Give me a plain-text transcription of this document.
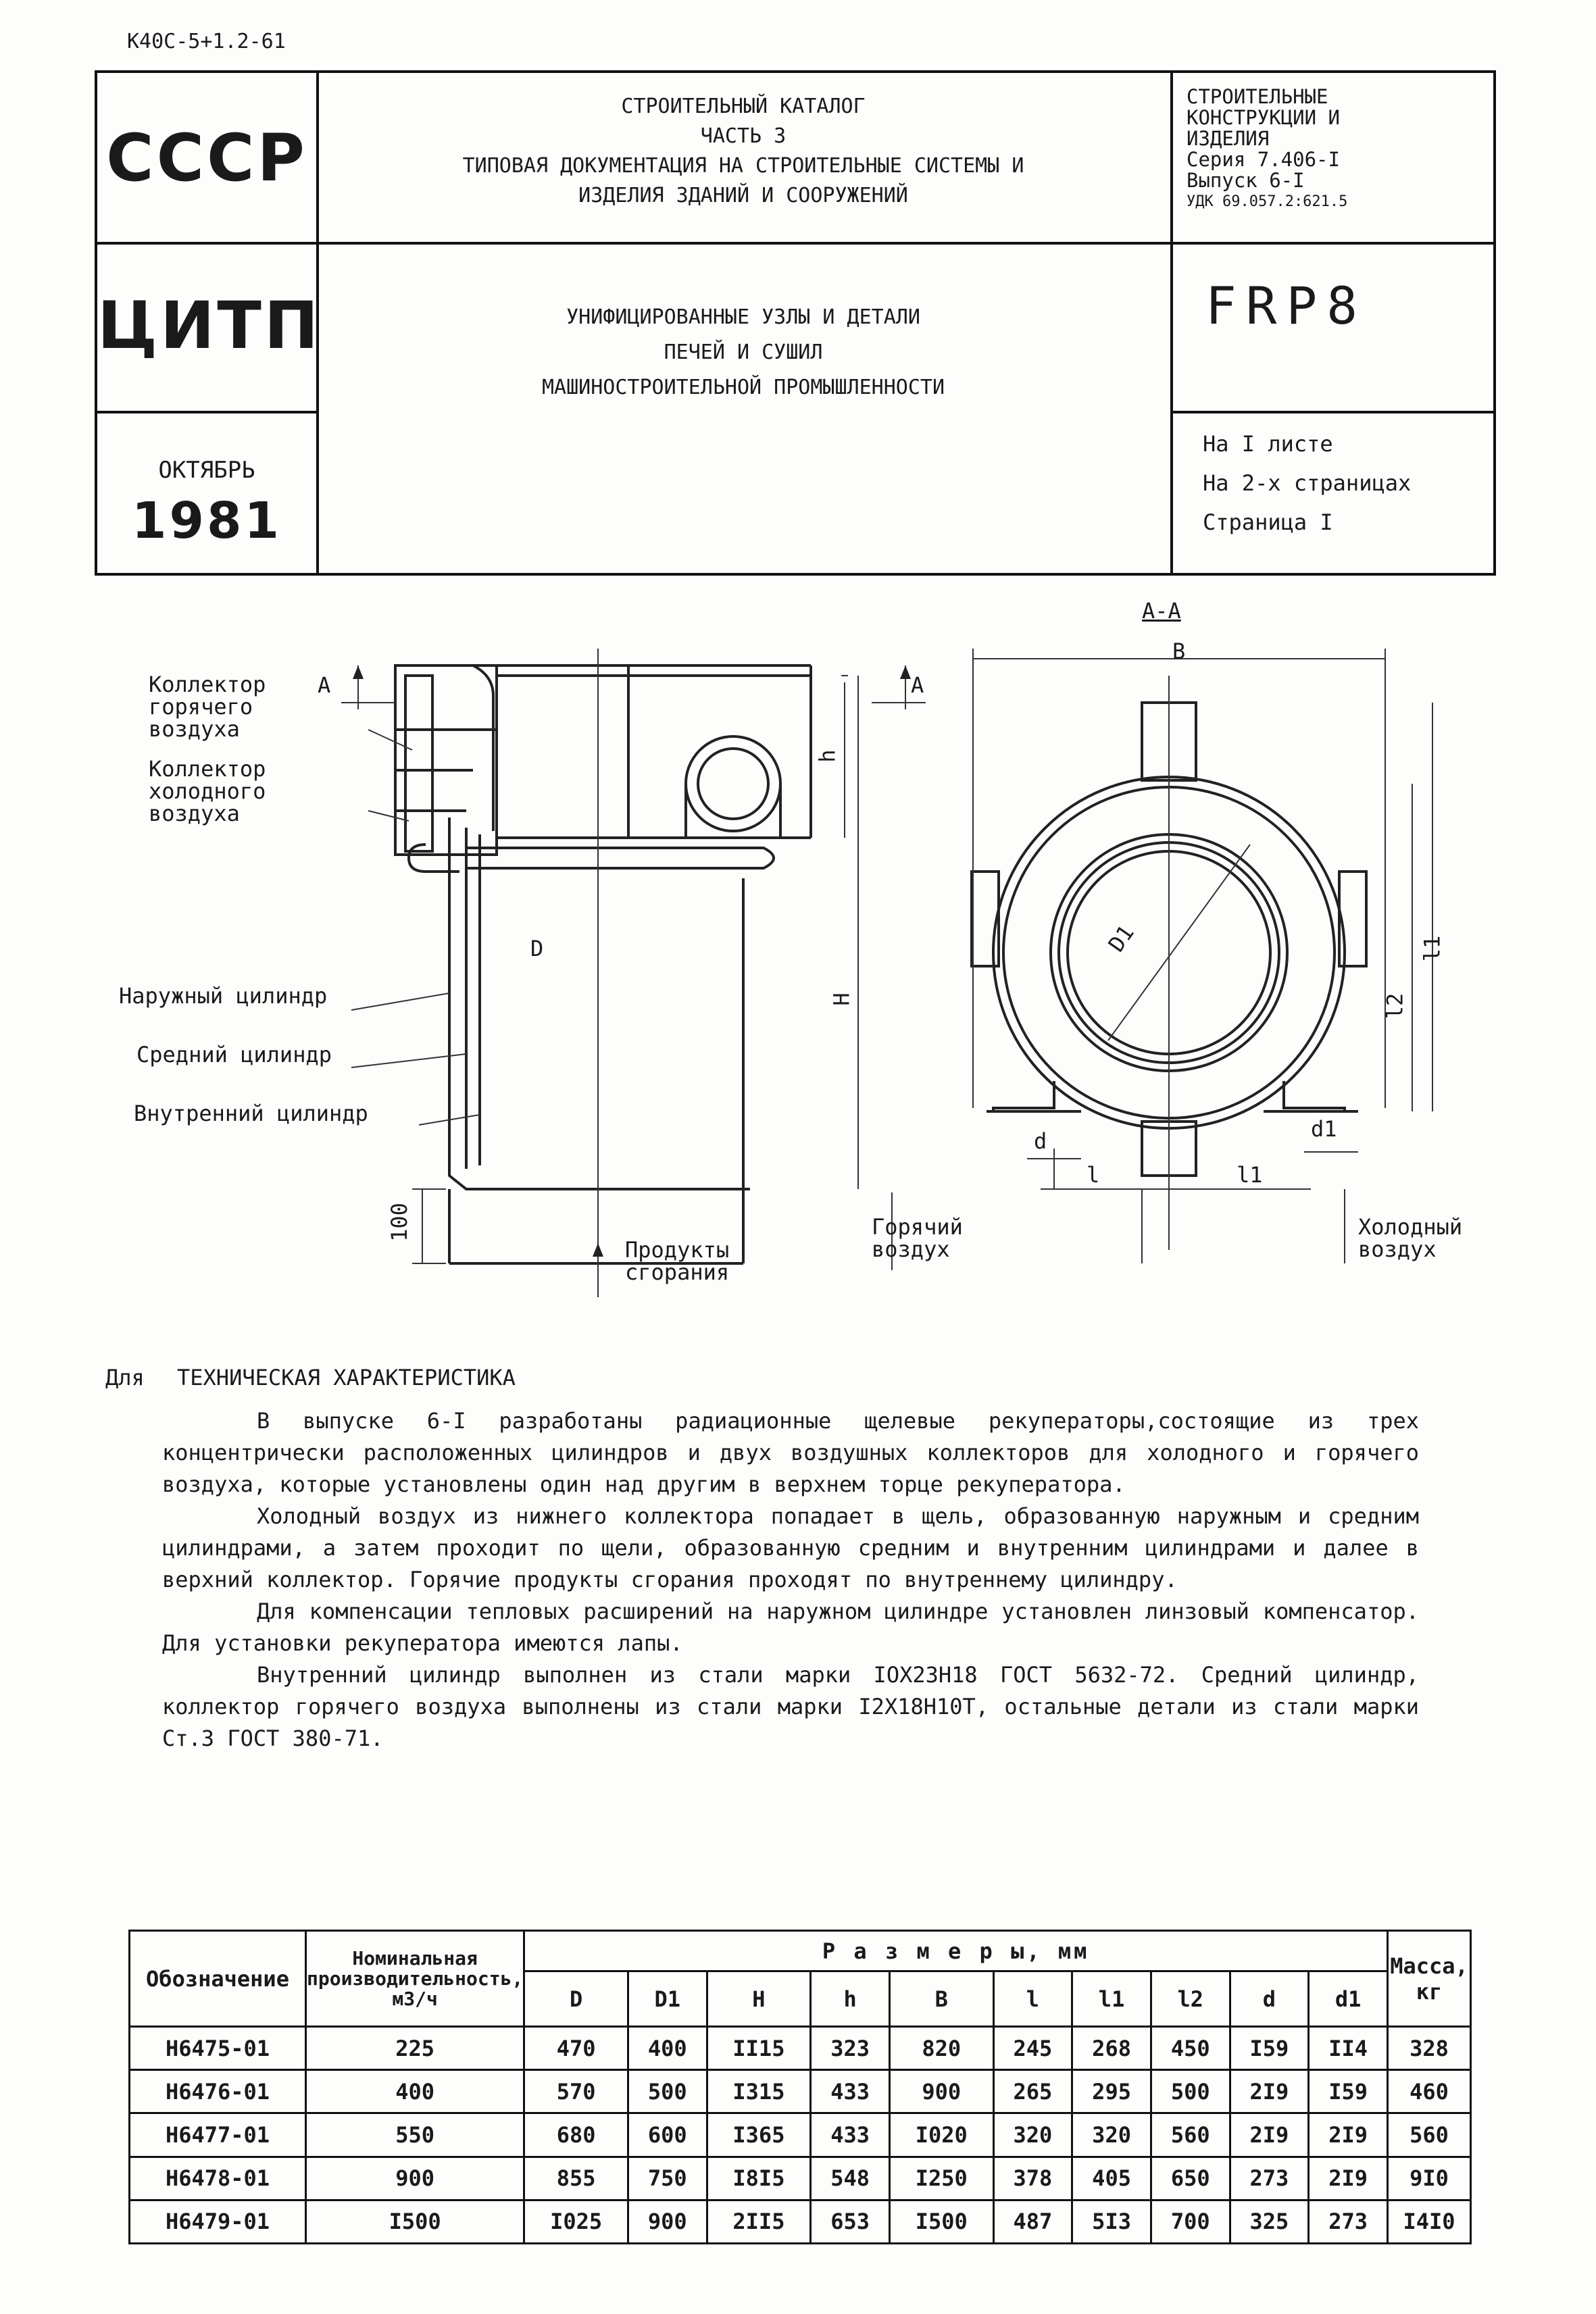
К40С-5+1.2-61
СССР
ЦИТП
ОКТЯБРЬ
1981
СТРОИТЕЛЬНЫЙ КАТАЛОГ
ЧАСТЬ 3
ТИПОВАЯ ДОКУМЕНТАЦИЯ НА СТРОИТЕЛЬНЫЕ СИСТЕМЫ И
ИЗДЕЛИЯ ЗДАНИЙ И СООРУЖЕНИЙ
УНИФИЦИРОВАННЫЕ УЗЛЫ И ДЕТАЛИ
ПЕЧЕЙ И СУШИЛ
МАШИНОСТРОИТЕЛЬНОЙ ПРОМЫШЛЕННОСТИ
СТРОИТЕЛЬНЫЕ
КОНСТРУКЦИИ И
ИЗДЕЛИЯ
Серия 7.406-I
Выпуск 6-I
УДК 69.057.2:621.5
FRP8
На I листе
На 2-х страницах
Страница I
Коллектор
горячего
воздуха
Коллектор
холодного
воздуха
Наружный цилиндр
Средний цилиндр
Внутренний цилиндр
Продукты
сгорания
Горячий
воздух
Холодный
воздух
А-А
А	А
В
D
H
h
D1	l1
l2
l
d	d1
l1
100
Для ТЕХНИЧЕСКАЯ ХАРАКТЕРИСТИКА

В выпуске 6-I разработаны радиационные щелевые рекуператоры,состоящие из трех концентрически расположенных цилиндров и двух воздушных коллекторов для холодного и горячего воздуха, которые установлены один над другим в верхнем торце рекуператора.

Холодный воздух из нижнего коллектора попадает в щель, образованную наружным и средним цилиндрами, а затем проходит по щели, образованную средним и внутренним цилиндрами и далее в верхний коллектор. Горячие продукты сгорания проходят по внутреннему цилиндру.

Для компенсации тепловых расширений на наружном цилиндре установлен линзовый компенсатор. Для установки рекуператора имеются лапы.

Внутренний цилиндр выполнен из стали марки IОХ23Н18 ГОСТ 5632-72. Средний цилиндр, коллектор горячего воздуха выполнены из стали марки I2Х18Н10Т, остальные детали из стали марки Ст.3 ГОСТ 380-71.

Обозначение	Номинальная производительность, м3/ч	Р а з м е р ы, мм										Масса, кг
		D	D1	H	h	B	l	l1	l2	d	d1	
Н6475-01	225	470	400	II15	323	820	245	268	450	I59	II4	328
Н6476-01	400	570	500	I315	433	900	265	295	500	2I9	I59	460
Н6477-01	550	680	600	I365	433	I020	320	320	560	2I9	2I9	560
Н6478-01	900	855	750	I8I5	548	I250	378	405	650	273	2I9	9I0
Н6479-01	I500	I025	900	2II5	653	I500	487	5I3	700	325	273	I4I0
